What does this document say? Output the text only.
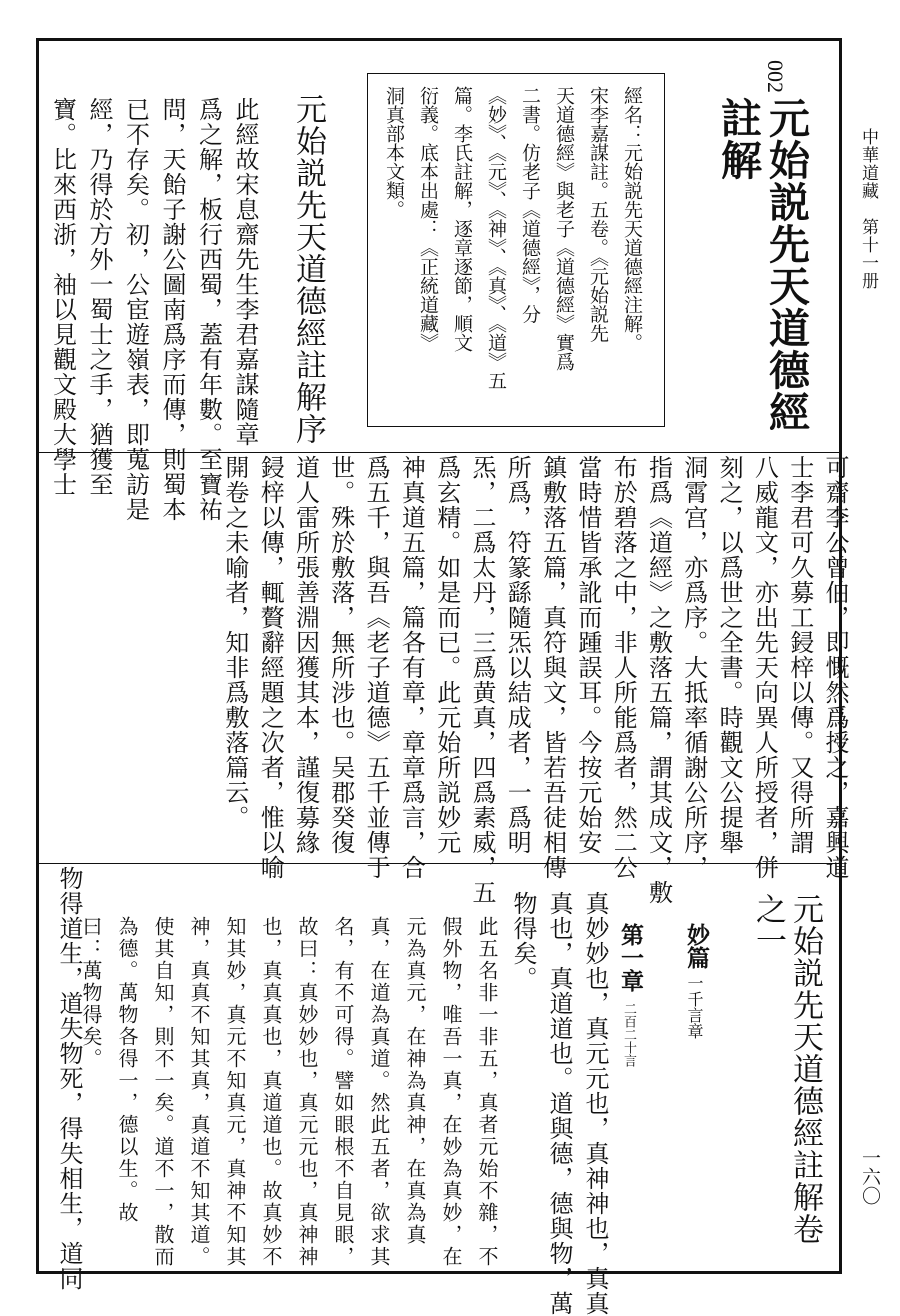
中華道藏　第十一册
一六〇
002
元始説先天道德經
註解
經名：元始説先天道德經注解。
宋李嘉謀註。五卷。《元始説先
天道德經》與老子《道德經》實爲
二書。仿老子《道德經》，分
《妙》、《元》、《神》、《真》、《道》五
篇。李氏註解，逐章逐節，順文
衍義。底本出處：《正統道藏》
洞真部本文類。
元始説先天道德經註解序
此經故宋息齋先生李君嘉謀隨章
爲之解，板行西蜀，蓋有年數。至寶祐
問，天飴子謝公圖南爲序而傳，則蜀本
已不存矣。初，公宦遊嶺表，即蒐訪是
經，乃得於方外一蜀士之手，猶獲至
寶。比來西浙，袖以見觀文殿大學士
可齋李公曾伯，即慨然爲授之，嘉興道
士李君可久募工鋟梓以傳。又得所謂
八威龍文，亦出先天向異人所授者，併
刻之，以爲世之全書。時觀文公提舉
洞霄宫，亦爲序。大抵率循謝公所序，
指爲《道經》之敷落五篇，謂其成文，敷
布於碧落之中，非人所能爲者，然二公
當時惜皆承訛而踵誤耳。今按元始安
鎮敷落五篇，真符與文，皆若吾徒相傳
所爲，符篆繇隨炁以結成者，一爲明
炁，二爲太丹，三爲黄真，四爲素威，五
爲玄精。如是而已。此元始所説妙元
神真道五篇，篇各有章，章章爲言，合
爲五千，與吾《老子道德》五千並傳于
世。殊於敷落，無所涉也。吴郡癸復
道人雷所張善淵因獲其本，謹復募緣
鋟梓以傳，輒贅辭經題之次者，惟以喻
開卷之未喻者，知非爲敷落篇云。
元始説先天道德經註解卷
之一
妙篇
一千言章
第一章
二百二十言
真妙妙也，真元元也，真神神也，真真
真也，真道道也。道與德，德與物，萬
物得矣。
此五名非一非五，真者元始不雜，不
假外物，唯吾一真，在妙為真妙，在
元為真元，在神為真神，在真為真
真，在道為真道。然此五者，欲求其
名，有不可得。譬如眼根不自見眼，
故曰：真妙妙也，真元元也，真神神
也，真真真也，真道道也。故真妙不
知其妙，真元不知真元，真神不知其
神，真真不知其真，真道不知其道。
使其自知，則不一矣。道不一，散而
為德。萬物各得一，德以生。故
曰：萬物得矣。
物得道生，道失物死，得失相生，道同
